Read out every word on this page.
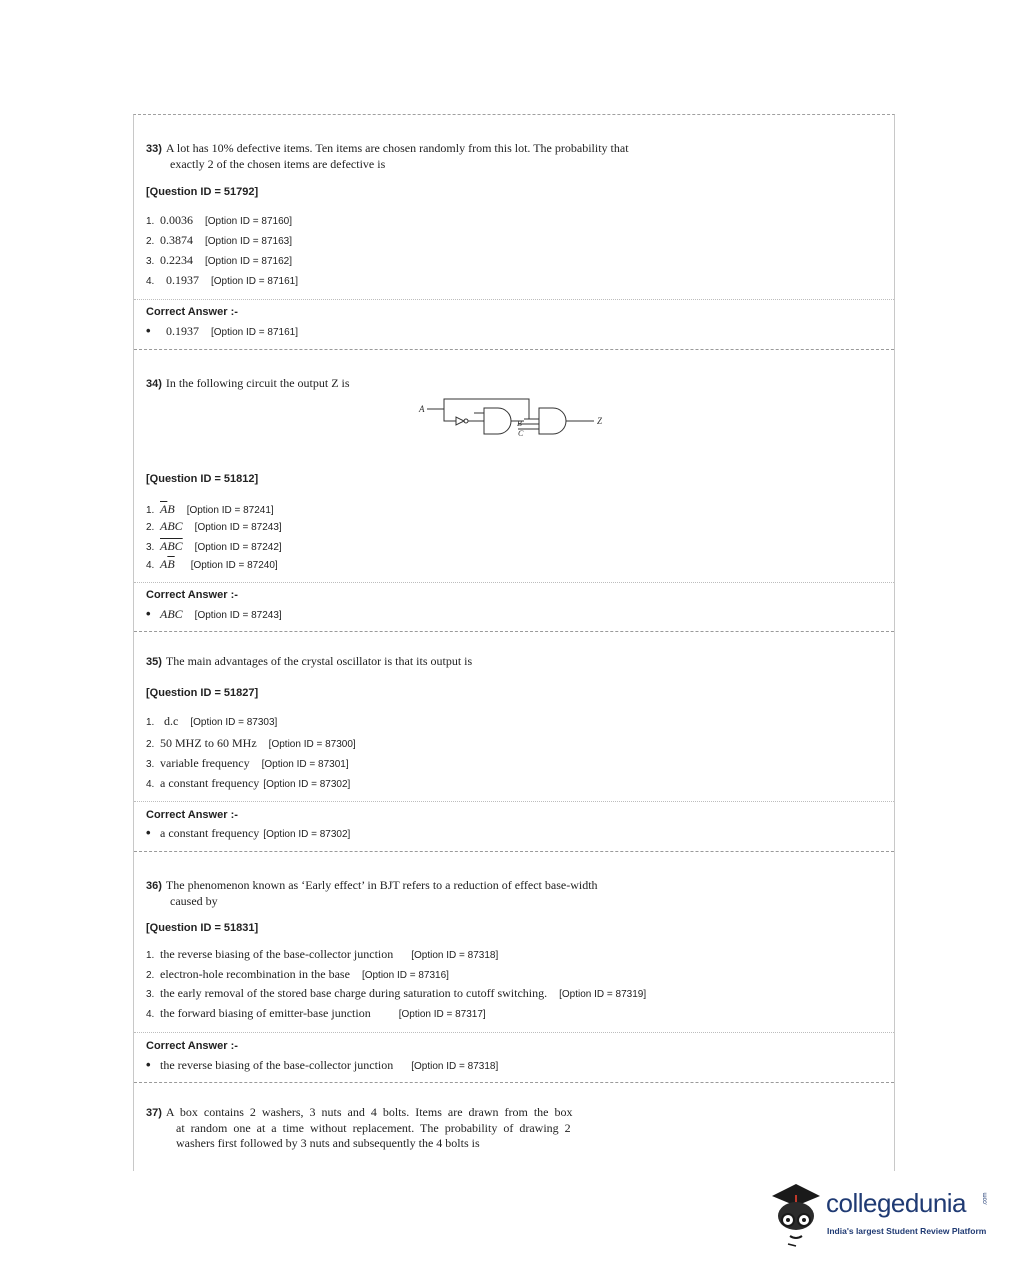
33) A lot has 10% defective items. Ten items are chosen randomly from this lot. The probability that
exactly 2 of the chosen items are defective is
[Question ID = 51792]
1. 0.0036 [Option ID = 87160]
2. 0.3874 [Option ID = 87163]
3. 0.2234 [Option ID = 87162]
4. 0.1937 [Option ID = 87161]
Correct Answer :-
• 0.1937 [Option ID = 87161]
34) In the following circuit the output Z is
A
B
C
Z
[Question ID = 51812]
1. $\overline{A}B$ [Option ID = 87241]
2. ABC [Option ID = 87243]
3. $\overline{ABC}$ [Option ID = 87242]
4. $A\overline{B}$ [Option ID = 87240]
Correct Answer :-
• ABC [Option ID = 87243]
35) The main advantages of the crystal oscillator is that its output is
[Question ID = 51827]
1. d.c [Option ID = 87303]
2. 50 MHZ to 60 MHz [Option ID = 87300]
3. variable frequency [Option ID = 87301]
4. a constant frequency [Option ID = 87302]
Correct Answer :-
• a constant frequency [Option ID = 87302]
36) The phenomenon known as ‘Early effect’ in BJT refers to a reduction of effect base-width
caused by
[Question ID = 51831]
1. the reverse biasing of the base-collector junction [Option ID = 87318]
2. electron-hole recombination in the base [Option ID = 87316]
3. the early removal of the stored base charge during saturation to cutoff switching. [Option ID = 87319]
4. the forward biasing of emitter-base junction	[Option ID = 87317]
Correct Answer :-
• the reverse biasing of the base-collector junction [Option ID = 87318]
37) A  box  contains  2  washers,  3  nuts  and  4  bolts.  Items  are  drawn  from  the  box
at  random  one  at  a  time  without  replacement.  The  probability  of  drawing  2
washers first followed by 3 nuts and subsequently the 4 bolts is
collegedunia	.com
India's largest Student Review Platform
